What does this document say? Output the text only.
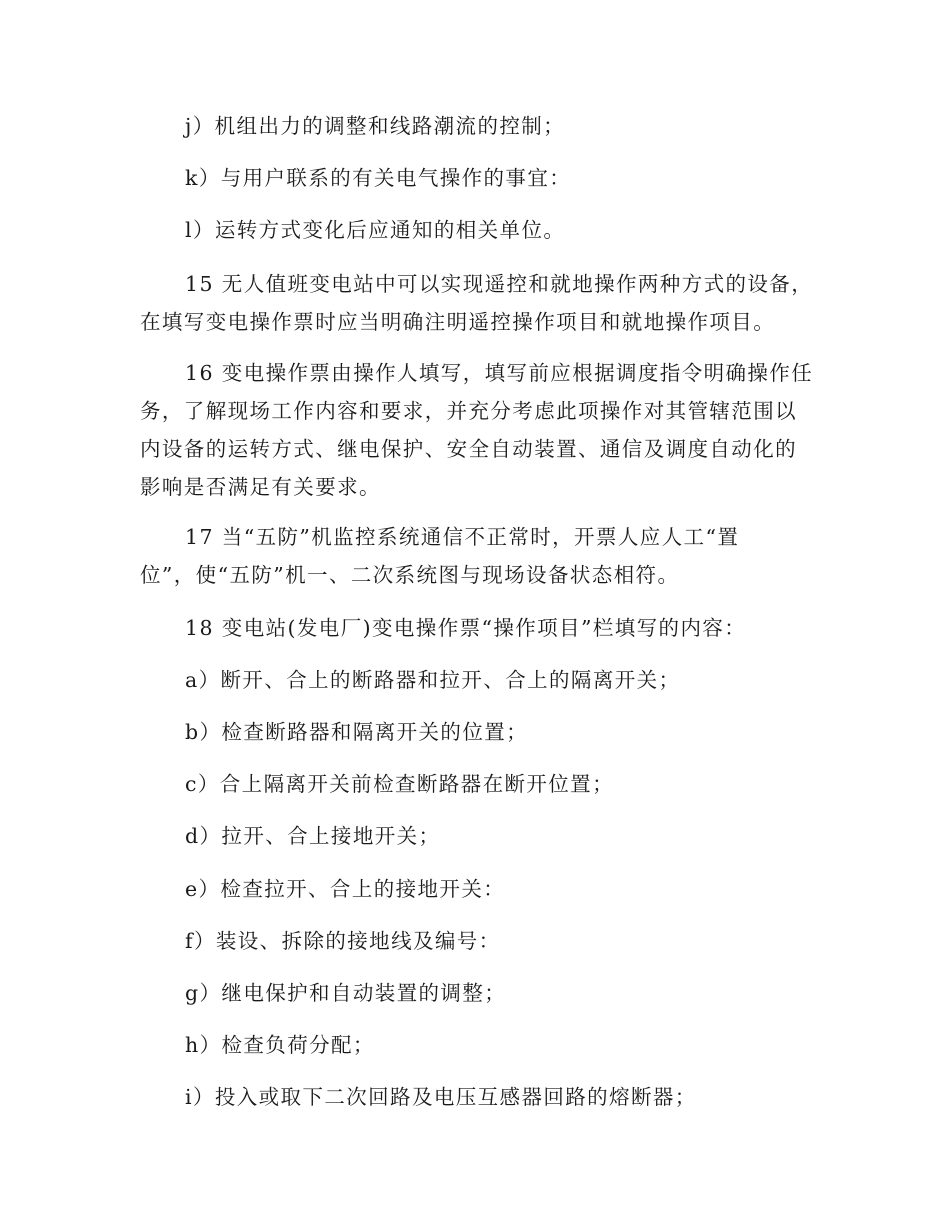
j）机组出力的调整和线路潮流的控制；
k）与用户联系的有关电气操作的事宜：
l）运转方式变化后应通知的相关单位。
15 无人值班变电站中可以实现遥控和就地操作两种方式的设备，
在填写变电操作票时应当明确注明遥控操作项目和就地操作项目。
16 变电操作票由操作人填写，填写前应根据调度指令明确操作任
务，了解现场工作内容和要求，并充分考虑此项操作对其管辖范围以
内设备的运转方式、继电保护、安全自动装置、通信及调度自动化的
影响是否满足有关要求。
17 当“五防”机监控系统通信不正常时，开票人应人工“置
位”，使“五防”机一、二次系统图与现场设备状态相符。
18 变电站(发电厂)变电操作票“操作项目”栏填写的内容：
a）断开、合上的断路器和拉开、合上的隔离开关；
b）检查断路器和隔离开关的位置；
c）合上隔离开关前检查断路器在断开位置；
d）拉开、合上接地开关；
e）检查拉开、合上的接地开关：
f）装设、拆除的接地线及编号：
g）继电保护和自动装置的调整；
h）检查负荷分配；
i）投入或取下二次回路及电压互感器回路的熔断器；
